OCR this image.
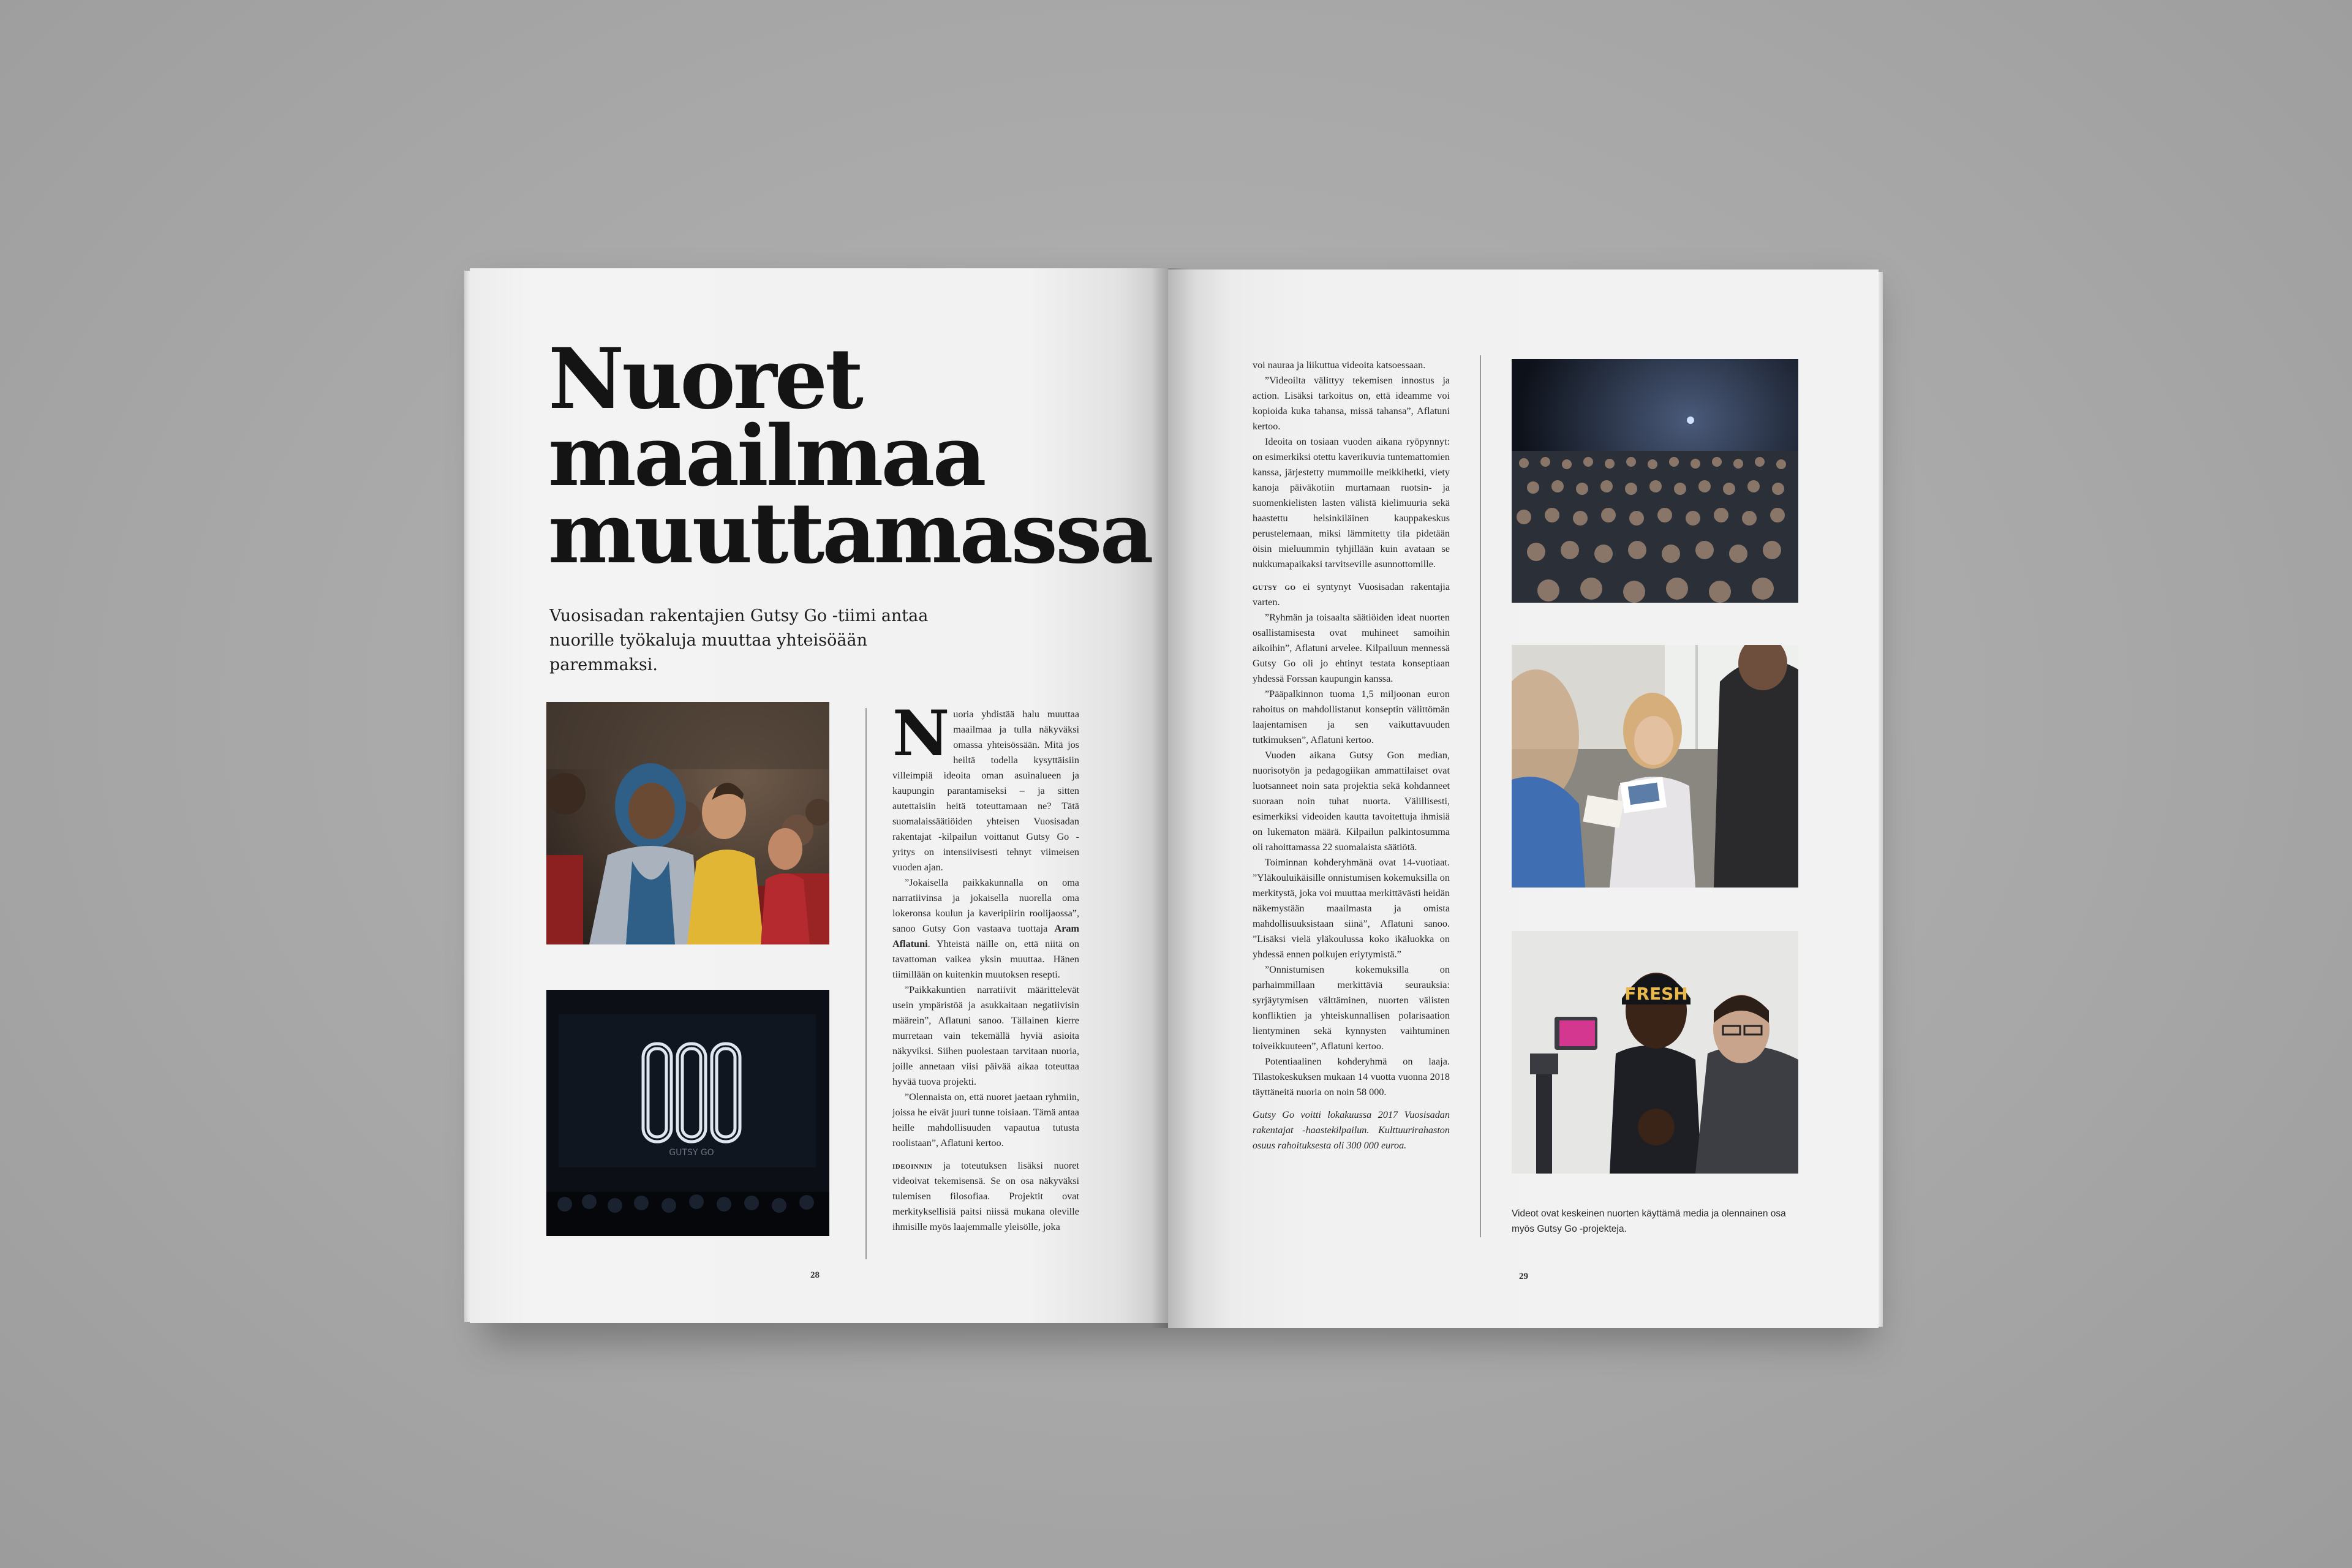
Nuoret
maailmaa
muuttamassa
Vuosisadan rakentajien Gutsy Go -tiimi antaa nuorille työkaluja muuttaa yhteisöään paremmaksi.
GUTSY GO

Nuoria yhdistää halu muuttaa maailmaa ja tulla näkyväksi omassa yhteisössään. Mitä jos heiltä todella kysyttäisiin villeimpiä ideoita oman asuinalueen ja kaupungin parantamiseksi – ja sitten autettaisiin heitä toteuttamaan ne? Tätä suomalaissäätiöiden yhteisen Vuosisadan rakentajat -kilpailun voittanut Gutsy Go -yritys on intensiivisesti tehnyt viimeisen vuoden ajan.

”Jokaisella paikkakunnalla on oma narratiivinsa ja jokaisella nuorella oma lokeronsa koulun ja kaveripiirin roolijaossa”, sanoo Gutsy Gon vastaava tuottaja Aram Aflatuni. Yhteistä näille on, että niitä on tavattoman vaikea yksin muuttaa. Hänen tiimillään on kuitenkin muutoksen resepti.

”Paikkakuntien narratiivit määrittelevät usein ympäristöä ja asukkaitaan negatiivisin määrein”, Aflatuni sanoo. Tällainen kierre murretaan vain tekemällä hyviä asioita näkyviksi. Siihen puolestaan tarvitaan nuoria, joille annetaan viisi päivää aikaa toteuttaa hyvää tuova projekti.

”Olennaista on, että nuoret jaetaan ryhmiin, joissa he eivät juuri tunne toisiaan. Tämä antaa heille mahdollisuuden vapautua tutusta roolistaan”, Aflatuni kertoo.

ideoinnin ja toteutuksen lisäksi nuoret videoivat tekemisensä. Se on osa näkyväksi tulemisen filosofiaa. Projektit ovat merkityksellisiä paitsi niissä mukana oleville ihmisille myös laajemmalle yleisölle, joka

28

voi nauraa ja liikuttua videoita katsoessaan.

”Videoilta välittyy tekemisen innostus ja action. Lisäksi tarkoitus on, että ideamme voi kopioida kuka tahansa, missä tahansa”, Aflatuni kertoo.

Ideoita on tosiaan vuoden aikana ryöpynnyt: on esimerkiksi otettu kaverikuvia tuntemattomien kanssa, järjestetty mummoille meikkihetki, viety kanoja päiväkotiin murtamaan ruotsin- ja suomenkielisten lasten välistä kielimuuria sekä haastettu helsinkiläinen kauppakeskus perustelemaan, miksi lämmitetty tila pidetään öisin mieluummin tyhjillään kuin avataan se nukkumapaikaksi tarvitseville asunnottomille.

gutsy go ei syntynyt Vuosisadan rakentajia varten.

”Ryhmän ja toisaalta säätiöiden ideat nuorten osallistamisesta ovat muhineet samoihin aikoihin”, Aflatuni arvelee. Kilpailuun mennessä Gutsy Go oli jo ehtinyt testata konseptiaan yhdessä Forssan kaupungin kanssa.

”Pääpalkinnon tuoma 1,5 miljoonan euron rahoitus on mahdollistanut konseptin välittömän laajentamisen ja sen vaikuttavuuden tutkimuksen”, Aflatuni kertoo.

Vuoden aikana Gutsy Gon median, nuorisotyön ja pedagogiikan ammattilaiset ovat luotsanneet noin sata projektia sekä kohdanneet suoraan noin tuhat nuorta. Välillisesti, esimerkiksi videoiden kautta tavoitettuja ihmisiä on lukematon määrä. Kilpailun palkintosumma oli rahoittamassa 22 suomalaista säätiötä.

Toiminnan kohderyhmänä ovat 14-vuotiaat. ”Yläkouluikäisille onnistumisen kokemuksilla on merkitystä, joka voi muuttaa merkittävästi heidän näkemystään maailmasta ja omista mahdollisuuksistaan siinä”, Aflatuni sanoo. ”Lisäksi vielä yläkoulussa koko ikäluokka on yhdessä ennen polkujen eriytymistä.”

”Onnistumisen kokemuksilla on parhaimmillaan merkittäviä seurauksia: syrjäytymisen välttäminen, nuorten välisten konfliktien ja yhteiskunnallisen polarisaation lientyminen sekä kynnysten vaihtuminen toiveikkuuteen”, Aflatuni kertoo.

Potentiaalinen kohderyhmä on laaja. Tilastokeskuksen mukaan 14 vuotta vuonna 2018 täyttäneitä nuoria on noin 58 000.

Gutsy Go voitti lokakuussa 2017 Vuosisadan rakentajat -haastekilpailun. Kulttuurirahaston osuus rahoituksesta oli 300 000 euroa.

FRESH
Videot ovat keskeinen nuorten käyttämä media ja olennainen osa myös Gutsy Go -projekteja.
29
